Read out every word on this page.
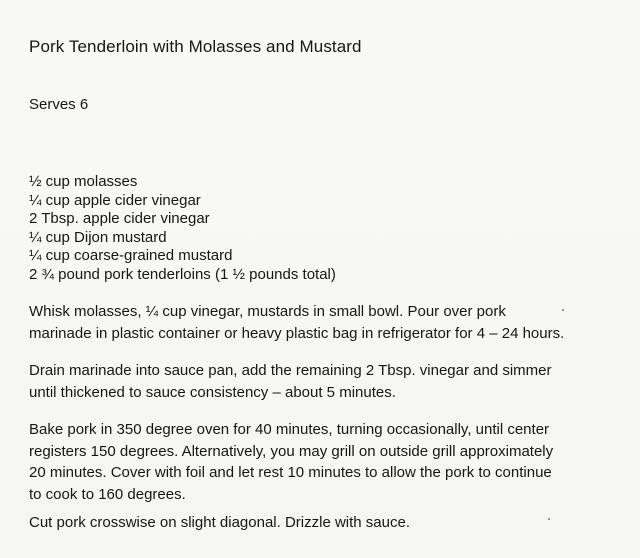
Pork Tenderloin with Molasses and Mustard
Serves 6
½ cup molasses
¼ cup apple cider vinegar
2 Tbsp. apple cider vinegar
¼ cup Dijon mustard
¼ cup coarse-grained mustard
2 ¾ pound pork tenderloins (1 ½ pounds total)

Whisk molasses, ¼ cup vinegar, mustards in small bowl. Pour over pork
marinade in plastic container or heavy plastic bag in refrigerator for 4 – 24 hours.

Drain marinade into sauce pan, add the remaining 2 Tbsp. vinegar and simmer
until thickened to sauce consistency – about 5 minutes.

Bake pork in 350 degree oven for 40 minutes, turning occasionally, until center
registers 150 degrees. Alternatively, you may grill on outside grill approximately
20 minutes. Cover with foil and let rest 10 minutes to allow the pork to continue
to cook to 160 degrees.

Cut pork crosswise on slight diagonal. Drizzle with sauce.
